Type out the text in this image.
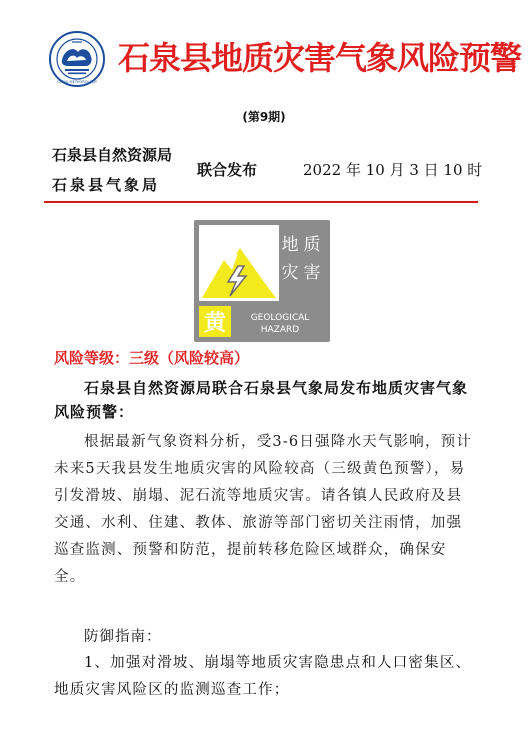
CHINA METEOROLOGY
石泉县地质灾害气象风险预警
(第9期)
石泉县自然资源局
石泉县气象局
联合发布	2022 年 10 月 3 日 10 时
黄
地 质
灾 害
GEOLOGICAL
HAZARD
风险等级：三级（风险较高）
石泉县自然资源局联合石泉县气象局发布地质灾害气象风险预警：
根据最新气象资料分析，受3-6日强降水天气影响，预计未来5天我县发生地质灾害的风险较高（三级黄色预警），易引发滑坡、崩塌、泥石流等地质灾害。请各镇人民政府及县交通、水利、住建、教体、旅游等部门密切关注雨情，加强巡查监测、预警和防范，提前转移危险区域群众，确保安全。
防御指南：
1、加强对滑坡、崩塌等地质灾害隐患点和人口密集区、地质灾害风险区的监测巡查工作；
